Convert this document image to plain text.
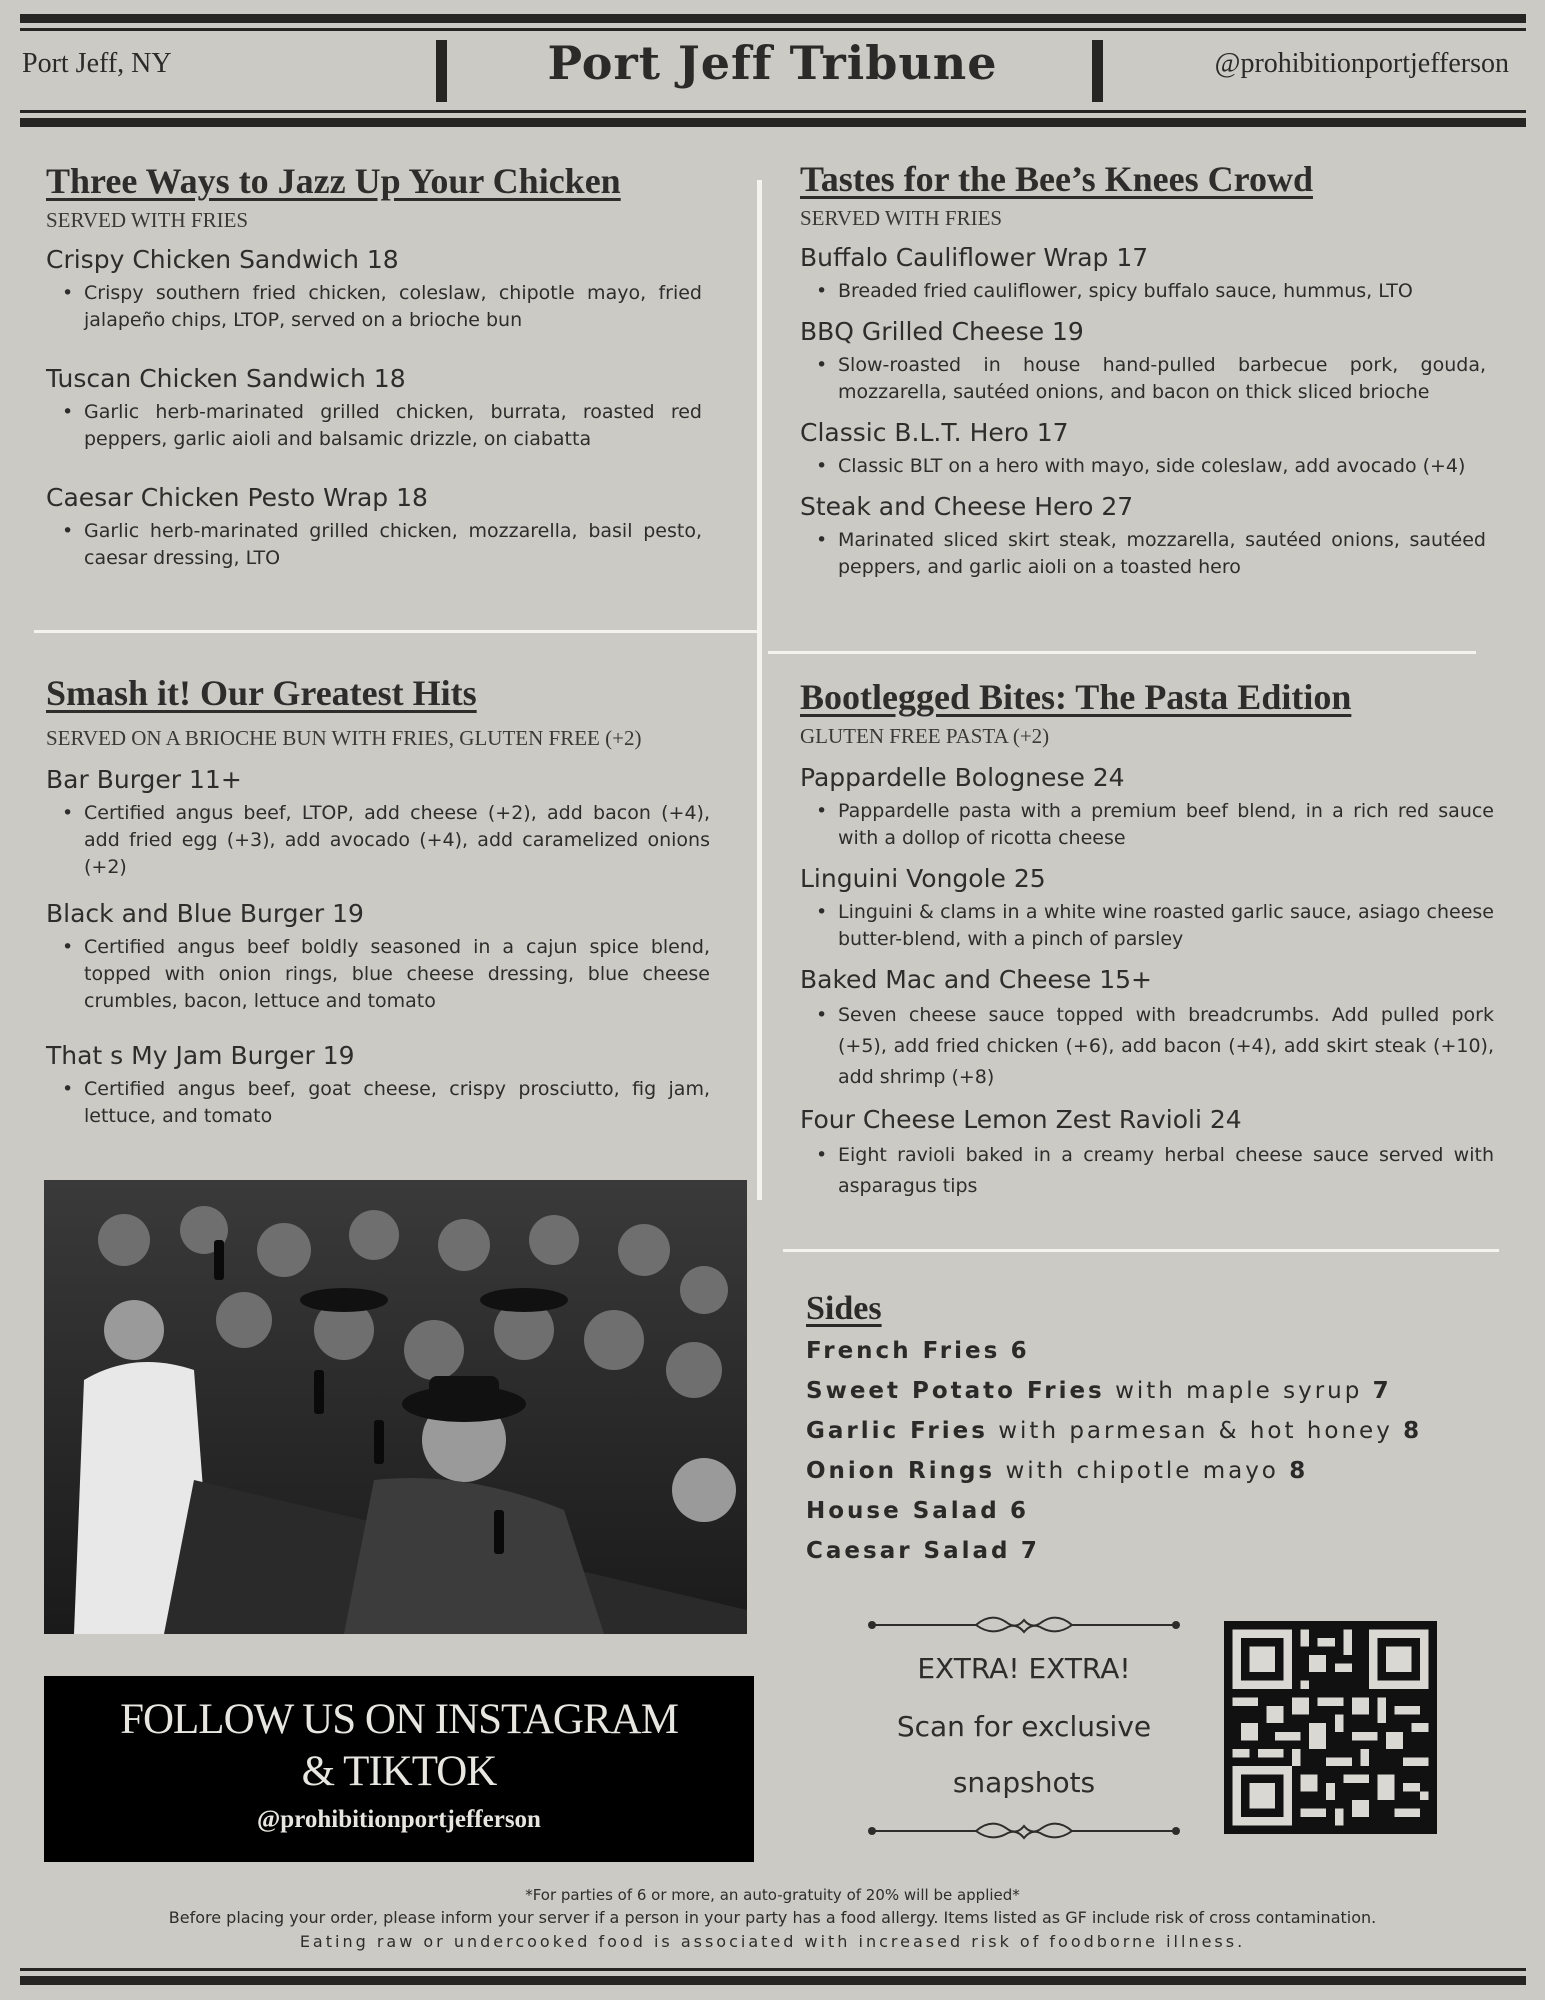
Port Jeff, NY	Port Jeff Tribune	@prohibitionportjefferson
Three Ways to Jazz Up Your Chicken
SERVED WITH FRIES
Crispy Chicken Sandwich 18
• Crispy southern fried chicken, coleslaw, chipotle mayo, fried jalapeño chips, LTOP, served on a brioche bun
Tuscan Chicken Sandwich 18
• Garlic herb-marinated grilled chicken, burrata, roasted red peppers, garlic aioli and balsamic drizzle, on ciabatta
Caesar Chicken Pesto Wrap 18
• Garlic herb-marinated grilled chicken, mozzarella, basil pesto, caesar dressing, LTO
Tastes for the Bee’s Knees Crowd
SERVED WITH FRIES
Buffalo Cauliflower Wrap 17
• Breaded fried cauliflower, spicy buffalo sauce, hummus, LTO
BBQ Grilled Cheese 19
• Slow-roasted in house hand-pulled barbecue pork, gouda, mozzarella, sautéed onions, and bacon on thick sliced brioche
Classic B.L.T. Hero 17
• Classic BLT on a hero with mayo, side coleslaw, add avocado (+4)
Steak and Cheese Hero 27
• Marinated sliced skirt steak, mozzarella, sautéed onions, sautéed peppers, and garlic aioli on a toasted hero
Smash it! Our Greatest Hits
SERVED ON A BRIOCHE BUN WITH FRIES, GLUTEN FREE (+2)
Bar Burger 11+
• Certified angus beef, LTOP, add cheese (+2), add bacon (+4), add fried egg (+3), add avocado (+4), add caramelized onions (+2)
Black and Blue Burger 19
• Certified angus beef boldly seasoned in a cajun spice blend, topped with onion rings, blue cheese dressing, blue cheese crumbles, bacon, lettuce and tomato
That s My Jam Burger 19
• Certified angus beef, goat cheese, crispy prosciutto, fig jam, lettuce, and tomato
Bootlegged Bites: The Pasta Edition
GLUTEN FREE PASTA (+2)
Pappardelle Bolognese 24
• Pappardelle pasta with a premium beef blend, in a rich red sauce with a dollop of ricotta cheese
Linguini Vongole 25
• Linguini & clams in a white wine roasted garlic sauce, asiago cheese butter-blend, with a pinch of parsley
Baked Mac and Cheese 15+
• Seven cheese sauce topped with breadcrumbs. Add pulled pork (+5), add fried chicken (+6), add bacon (+4), add skirt steak (+10), add shrimp (+8)
Four Cheese Lemon Zest Ravioli 24
• Eight ravioli baked in a creamy herbal cheese sauce served with asparagus tips
FOLLOW US ON INSTAGRAM
& TIKTOK
@prohibitionportjefferson
Sides
French Fries 6
Sweet Potato Fries with maple syrup 7
Garlic Fries with parmesan & hot honey 8
Onion Rings with chipotle mayo 8
House Salad 6
Caesar Salad 7
EXTRA! EXTRA!
Scan for exclusive
snapshots
*For parties of 6 or more, an auto-gratuity of 20% will be applied*
Before placing your order, please inform your server if a person in your party has a food allergy. Items listed as GF include risk of cross contamination.
Eating raw or undercooked food is associated with increased risk of foodborne illness.
